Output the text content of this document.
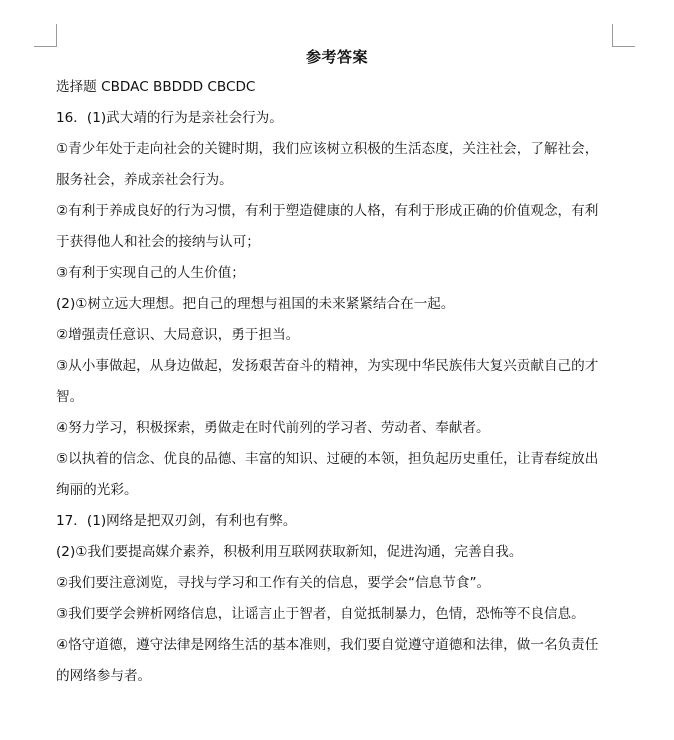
参考答案
选择题 CBDAC BBDDD CBCDC
16．(1)武大靖的行为是亲社会行为。
①青少年处于走向社会的关键时期，我们应该树立积极的生活态度，关注社会，了解社会，
服务社会，养成亲社会行为。
②有利于养成良好的行为习惯，有利于塑造健康的人格，有利于形成正确的价值观念，有利
于获得他人和社会的接纳与认可；
③有利于实现自己的人生价值；
(2)①树立远大理想。把自己的理想与祖国的未来紧紧结合在一起。
②增强责任意识、大局意识，勇于担当。
③从小事做起，从身边做起，发扬艰苦奋斗的精神，为实现中华民族伟大复兴贡献自己的才
智。
④努力学习，积极探索，勇做走在时代前列的学习者、劳动者、奉献者。
⑤以执着的信念、优良的品德、丰富的知识、过硬的本领，担负起历史重任，让青春绽放出
绚丽的光彩。
17．(1)网络是把双刃剑，有利也有弊。
(2)①我们要提高媒介素养，积极利用互联网获取新知，促进沟通，完善自我。
②我们要注意浏览，寻找与学习和工作有关的信息，要学会“信息节食”。
③我们要学会辨析网络信息，让谣言止于智者，自觉抵制暴力，色情，恐怖等不良信息。
④恪守道德，遵守法律是网络生活的基本准则，我们要自觉遵守道德和法律，做一名负责任
的网络参与者。
